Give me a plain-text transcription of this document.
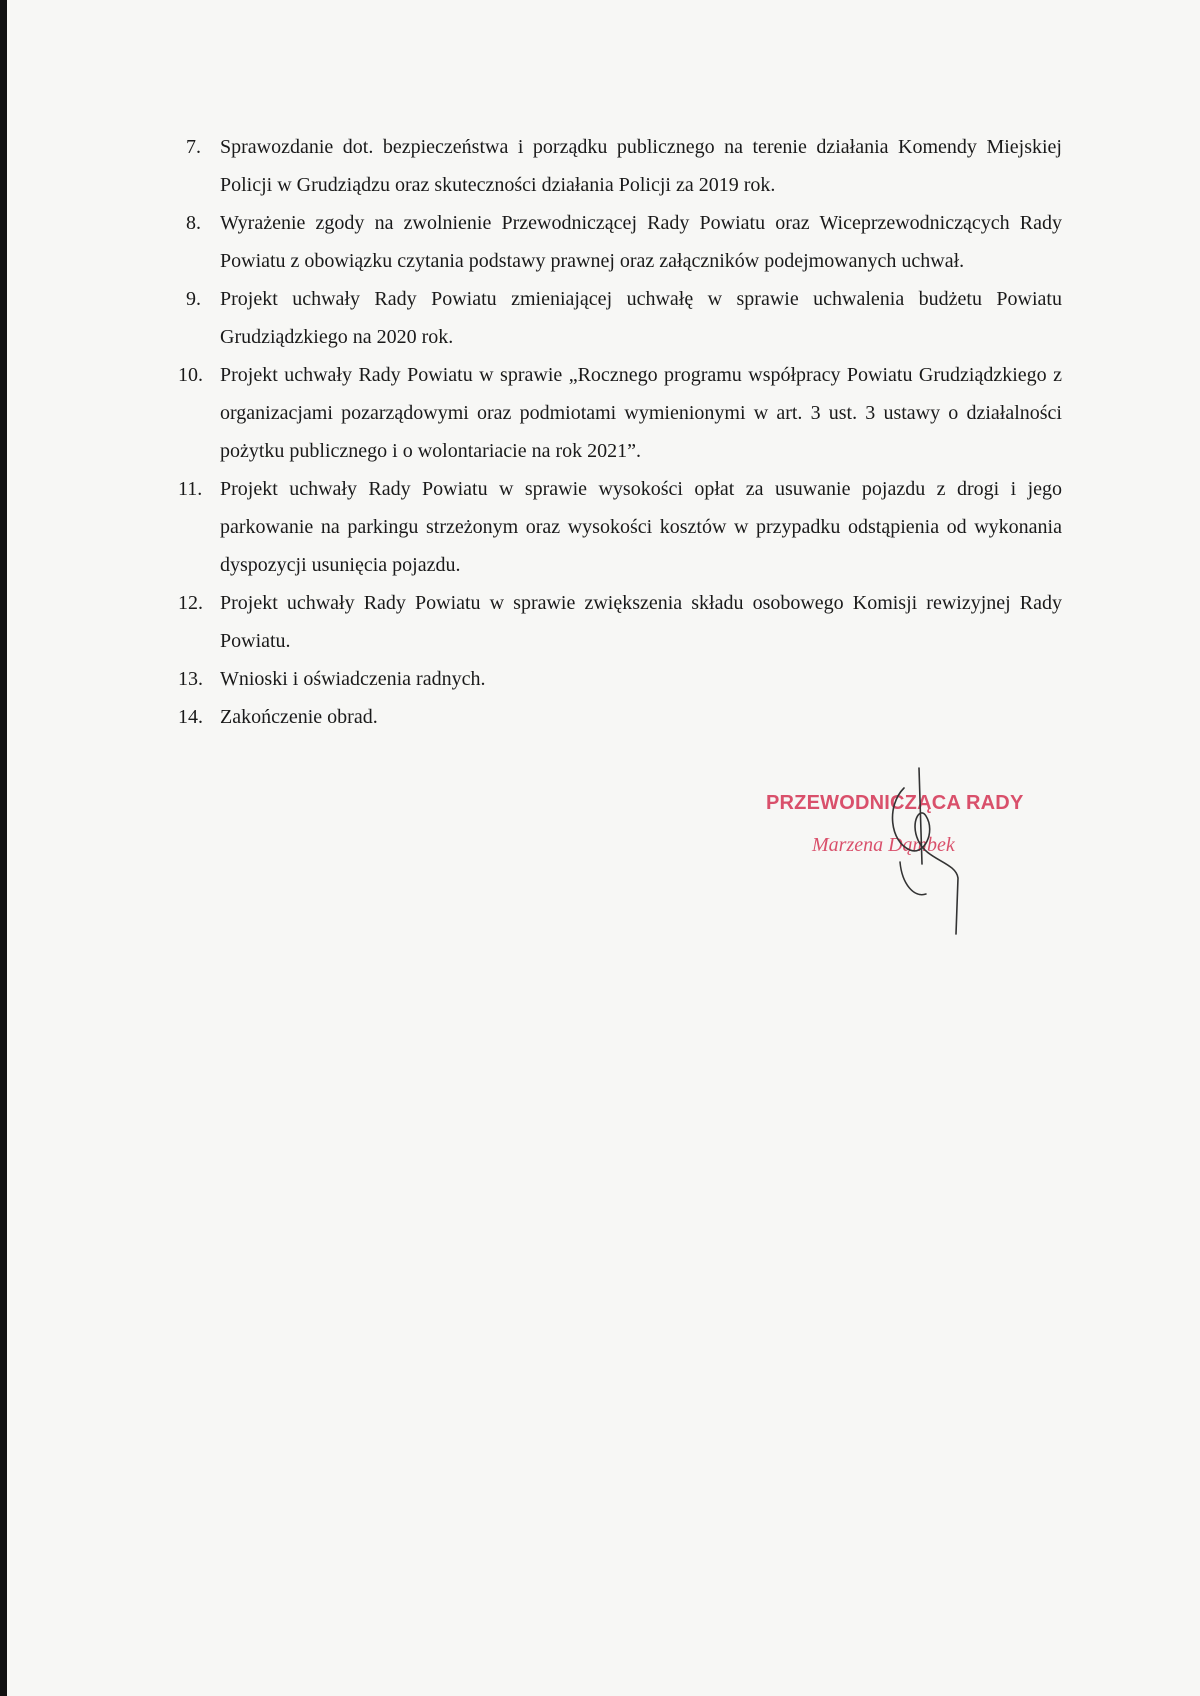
7. Sprawozdanie dot. bezpieczeństwa i porządku publicznego na terenie działania Komendy Miejskiej Policji w Grudziądzu oraz skuteczności działania Policji za 2019 rok.
8. Wyrażenie zgody na zwolnienie Przewodniczącej Rady Powiatu oraz Wiceprzewodniczących Rady Powiatu z obowiązku czytania podstawy prawnej oraz załączników podejmowanych uchwał.
9. Projekt uchwały Rady Powiatu zmieniającej uchwałę w sprawie uchwalenia budżetu Powiatu Grudziądzkiego na 2020 rok.
10. Projekt uchwały Rady Powiatu w sprawie „Rocznego programu współpracy Powiatu Grudziądzkiego z organizacjami pozarządowymi oraz podmiotami wymienionymi w art. 3 ust. 3 ustawy o działalności pożytku publicznego i o wolontariacie na rok 2021”.
11. Projekt uchwały Rady Powiatu w sprawie wysokości opłat za usuwanie pojazdu z drogi i jego parkowanie na parkingu strzeżonym oraz wysokości kosztów w przypadku odstąpienia od wykonania dyspozycji usunięcia pojazdu.
12. Projekt uchwały Rady Powiatu w sprawie zwiększenia składu osobowego Komisji rewizyjnej Rady Powiatu.
13. Wnioski i oświadczenia radnych.
14. Zakończenie obrad.
PRZEWODNICZĄCA RADY
Marzena Dąmbek
